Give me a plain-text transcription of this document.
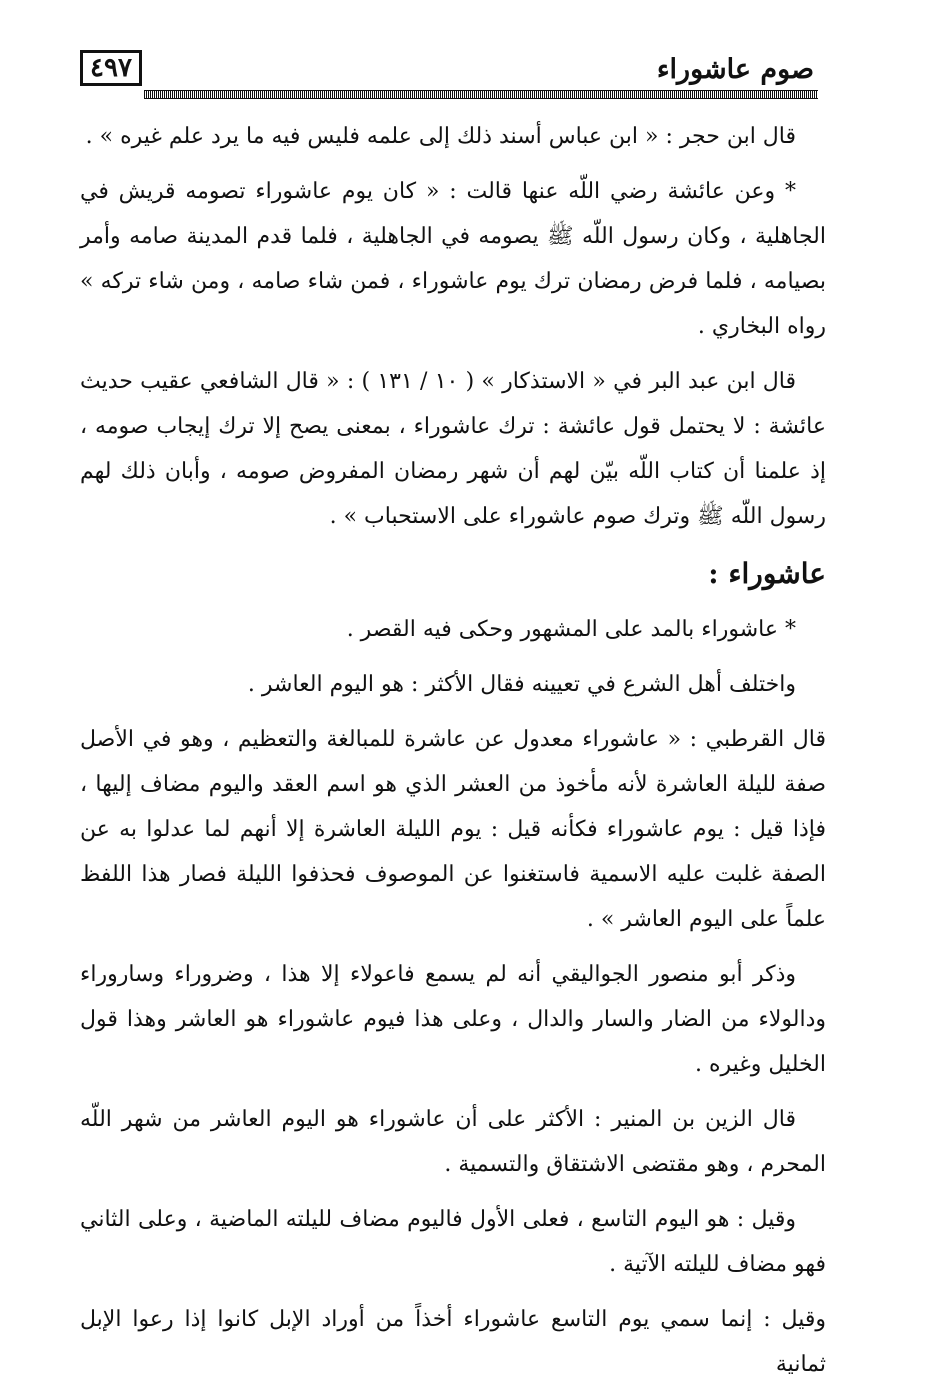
٤٩٧	صوم عاشوراء

قال ابن حجر : « ابن عباس أسند ذلك إلى علمه فليس فيه ما يرد علم غيره » .

* وعن عائشة رضي اللّه عنها قالت : « كان يوم عاشوراء تصومه قريش في الجاهلية ، وكان رسول اللّه ﷺ يصومه في الجاهلية ، فلما قدم المدينة صامه وأمر بصيامه ، فلما فرض رمضان ترك يوم عاشوراء ، فمن شاء صامه ، ومن شاء تركه » رواه البخاري .

قال ابن عبد البر في « الاستذكار » ( ١٠ / ١٣١ ) : « قال الشافعي عقيب حديث عائشة : لا يحتمل قول عائشة : ترك عاشوراء ، بمعنى يصح إلا ترك إيجاب صومه ، إذ علمنا أن كتاب اللّه بيّن لهم أن شهر رمضان المفروض صومه ، وأبان ذلك لهم رسول اللّه ﷺ وترك صوم عاشوراء على الاستحباب » .

عاشوراء :

* عاشوراء بالمد على المشهور وحكى فيه القصر .

واختلف أهل الشرع في تعيينه فقال الأكثر : هو اليوم العاشر .

قال القرطبي : « عاشوراء معدول عن عاشرة للمبالغة والتعظيم ، وهو في الأصل صفة لليلة العاشرة لأنه مأخوذ من العشر الذي هو اسم العقد واليوم مضاف إليها ، فإذا قيل : يوم عاشوراء فكأنه قيل : يوم الليلة العاشرة إلا أنهم لما عدلوا به عن الصفة غلبت عليه الاسمية فاستغنوا عن الموصوف فحذفوا الليلة فصار هذا اللفظ علماً على اليوم العاشر » .

وذكر أبو منصور الجواليقي أنه لم يسمع فاعولاء إلا هذا ، وضروراء وساروراء ودالولاء من الضار والسار والدال ، وعلى هذا فيوم عاشوراء هو العاشر وهذا قول الخليل وغيره .

قال الزين بن المنير : الأكثر على أن عاشوراء هو اليوم العاشر من شهر اللّه المحرم ، وهو مقتضى الاشتقاق والتسمية .

وقيل : هو اليوم التاسع ، فعلى الأول فاليوم مضاف لليلته الماضية ، وعلى الثاني فهو مضاف لليلته الآتية .

وقيل : إنما سمي يوم التاسع عاشوراء أخذاً من أوراد الإبل كانوا إذا رعوا الإبل ثمانية
